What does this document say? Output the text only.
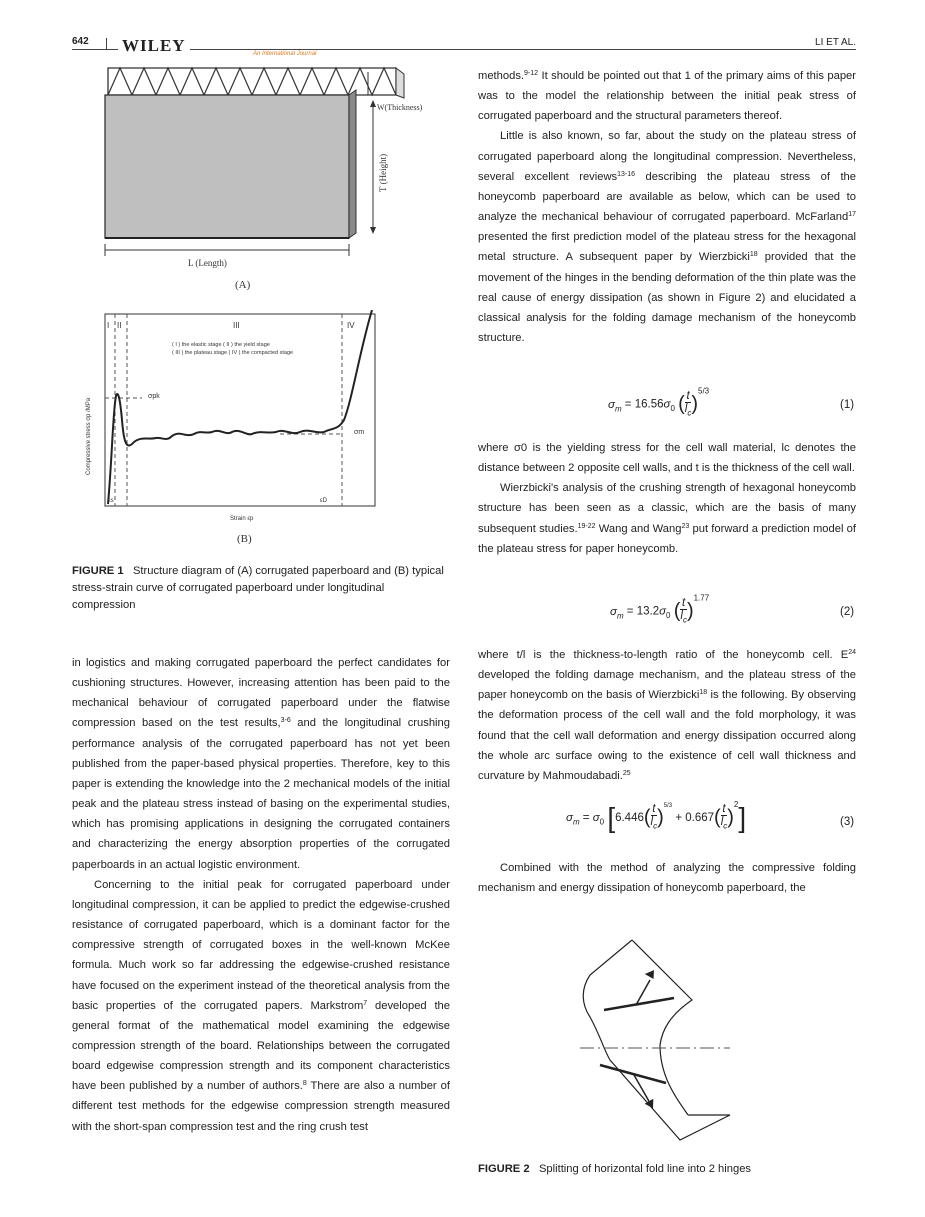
642 WILEY	An International Journal
LI ET AL.
W(Thickness)
T (Height)
L (Length)
(A)
I II	III	IV
( I ) the elastic stage ( II ) the yield stage
( III ) the plateau stage ( IV ) the compacted stage
σpk
σm
Compressive stress σp /MPa
εs	εD
Strain εp
(B)
FIGURE 1 Structure diagram of (A) corrugated paperboard and (B) typical stress-strain curve of corrugated paperboard under longitudinal compression

in logistics and making corrugated paperboard the perfect candidates for cushioning structures. However, increasing attention has been paid to the mechanical behaviour of corrugated paperboard under the flatwise compression based on the test results,$^{3-6}$ and the longitudinal crushing performance analysis of the corrugated paperboard has not yet been published from the paper-based physical properties. Therefore, key to this paper is extending the knowledge into the 2 mechanical models of the initial peak and the plateau stress instead of basing on the experimental studies, which has promising applications in designing the corrugated containers and characterizing the energy absorption properties of the corrugated paperboards in an actual logistic environment.

Concerning to the initial peak for corrugated paperboard under longitudinal compression, it can be applied to predict the edgewise-crushed resistance of corrugated paperboard, which is a dominant factor for the compressive strength of corrugated boxes in the well-known McKee formula. Much work so far addressing the edgewise-crushed resistance have focused on the experiment instead of the theoretical analysis from the basic properties of the corrugated papers. Markstrom$^7$ developed the general format of the mathematical model examining the edgewise compression strength of the board. Relationships between the corrugated board edgewise compression strength and its component characteristics have been published by a number of authors.$^8$ There are also a number of different test methods for the edgewise compression strength measured with the short-span compression test and the ring crush test

methods.$^{9-12}$ It should be pointed out that 1 of the primary aims of this paper was to the model the relationship between the initial peak stress of corrugated paperboard and the structural parameters thereof.

Little is also known, so far, about the study on the plateau stress of corrugated paperboard along the longitudinal compression. Nevertheless, several excellent reviews$^{13-16}$ describing the plateau stress of the honeycomb paperboard are available as below, which can be used to analyze the mechanical behaviour of corrugated paperboard. McFarland$^{17}$ presented the first prediction model of the plateau stress for the hexagonal metal structure. A subsequent paper by Wierzbicki$^{18}$ provided that the movement of the hinges in the bending deformation of the thin plate was the real cause of energy dissipation (as shown in Figure 2) and elucidated a classical analysis for the folding damage mechanism of the honeycomb structure.

$\sigma_m = 16.56\sigma_0$ $(\frac{t}{l_c} )^{5/3}$
(1)

where σ0 is the yielding stress for the cell wall material, lc denotes the distance between 2 opposite cell walls, and t is the thickness of the cell wall.

Wierzbicki's analysis of the crushing strength of hexagonal honeycomb structure has been seen as a classic, which are the basis of many subsequent studies.$^{19-22}$ Wang and Wang$^{23}$ put forward a prediction model of the plateau stress for paper honeycomb.

$\sigma_m = 13.2\sigma_0$ $(\frac{t}{l_c} )^{1.77}$
(2)

where t/l is the thickness-to-length ratio of the honeycomb cell. $E^{24}$ developed the folding damage mechanism, and the plateau stress of the paper honeycomb on the basis of Wierzbicki$^{18}$ is the following. By observing the deformation process of the cell wall and the fold morphology, it was found that the cell wall deformation and energy dissipation occurred along the whole arc surface owing to the existence of cell wall thickness and curvature by Mahmoudabadi.$^{25}$

$\sigma_m = \sigma_0$ $[6.446(\frac{t}{l_c} )^{5/3} + 0.667(\frac{t}{l_c} )^2]$	(3)

Combined with the method of analyzing the compressive folding mechanism and energy dissipation of honeycomb paperboard, the

FIGURE 2 Splitting of horizontal fold line into 2 hinges
